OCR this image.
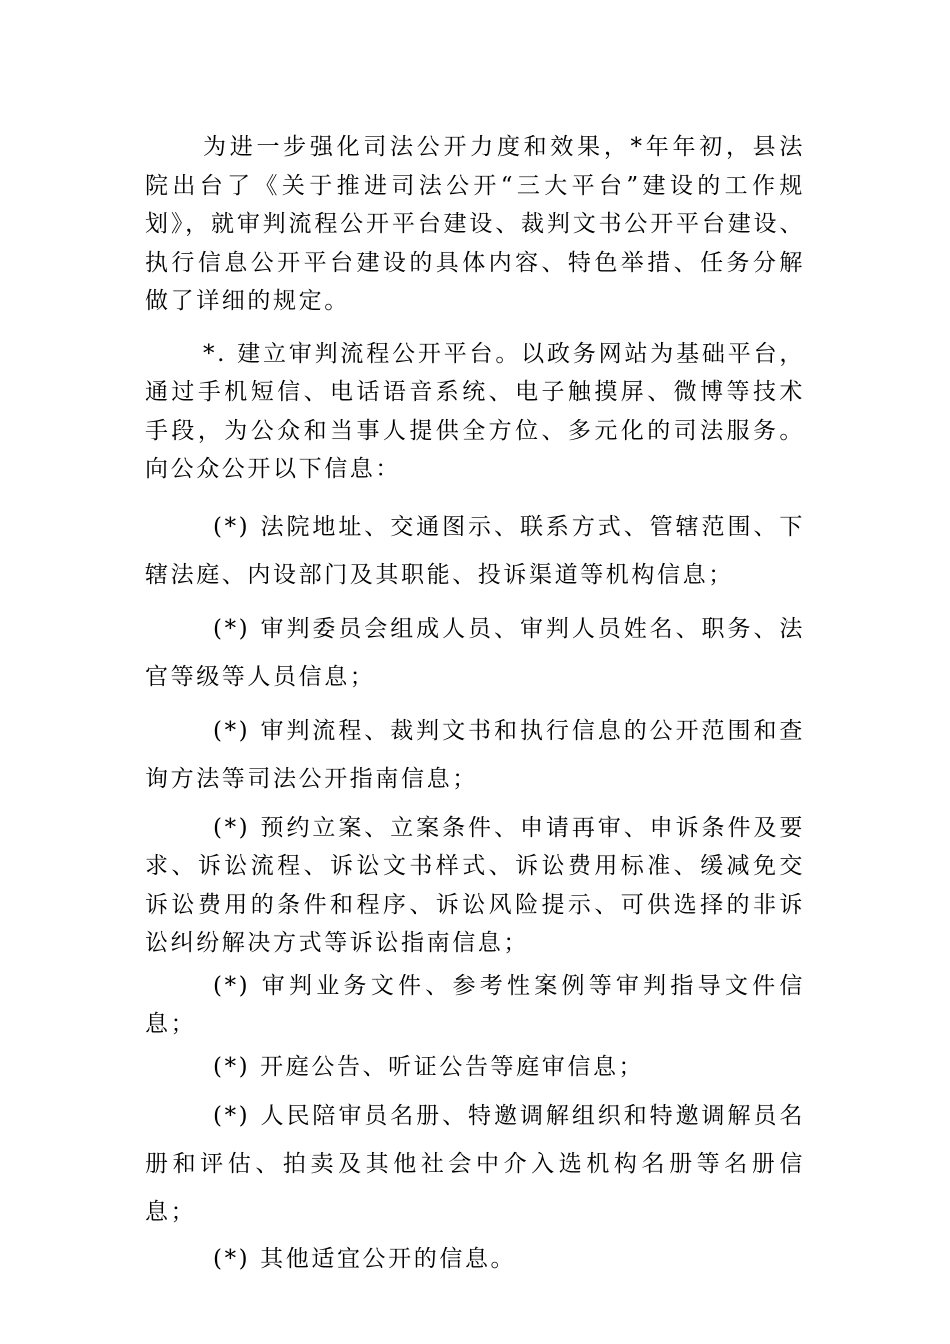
为进一步强化司法公开力度和效果，*年年初，县法院出台了《关于推进司法公开“三大平台”建设的工作规划》，就审判流程公开平台建设、裁判文书公开平台建设、执行信息公开平台建设的具体内容、特色举措、任务分解做了详细的规定。

*. 建立审判流程公开平台。以政务网站为基础平台，通过手机短信、电话语音系统、电子触摸屏、微博等技术手段，为公众和当事人提供全方位、多元化的司法服务。向公众公开以下信息：

(*) 法院地址、交通图示、联系方式、管辖范围、下辖法庭、内设部门及其职能、投诉渠道等机构信息；

(*) 审判委员会组成人员、审判人员姓名、职务、法官等级等人员信息；

(*) 审判流程、裁判文书和执行信息的公开范围和查询方法等司法公开指南信息；

(*) 预约立案、立案条件、申请再审、申诉条件及要求、诉讼流程、诉讼文书样式、诉讼费用标准、缓减免交诉讼费用的条件和程序、诉讼风险提示、可供选择的非诉讼纠纷解决方式等诉讼指南信息；

(*) 审判业务文件、参考性案例等审判指导文件信息；

(*) 开庭公告、听证公告等庭审信息；

(*) 人民陪审员名册、特邀调解组织和特邀调解员名册和评估、拍卖及其他社会中介入选机构名册等名册信息；

(*) 其他适宜公开的信息。
